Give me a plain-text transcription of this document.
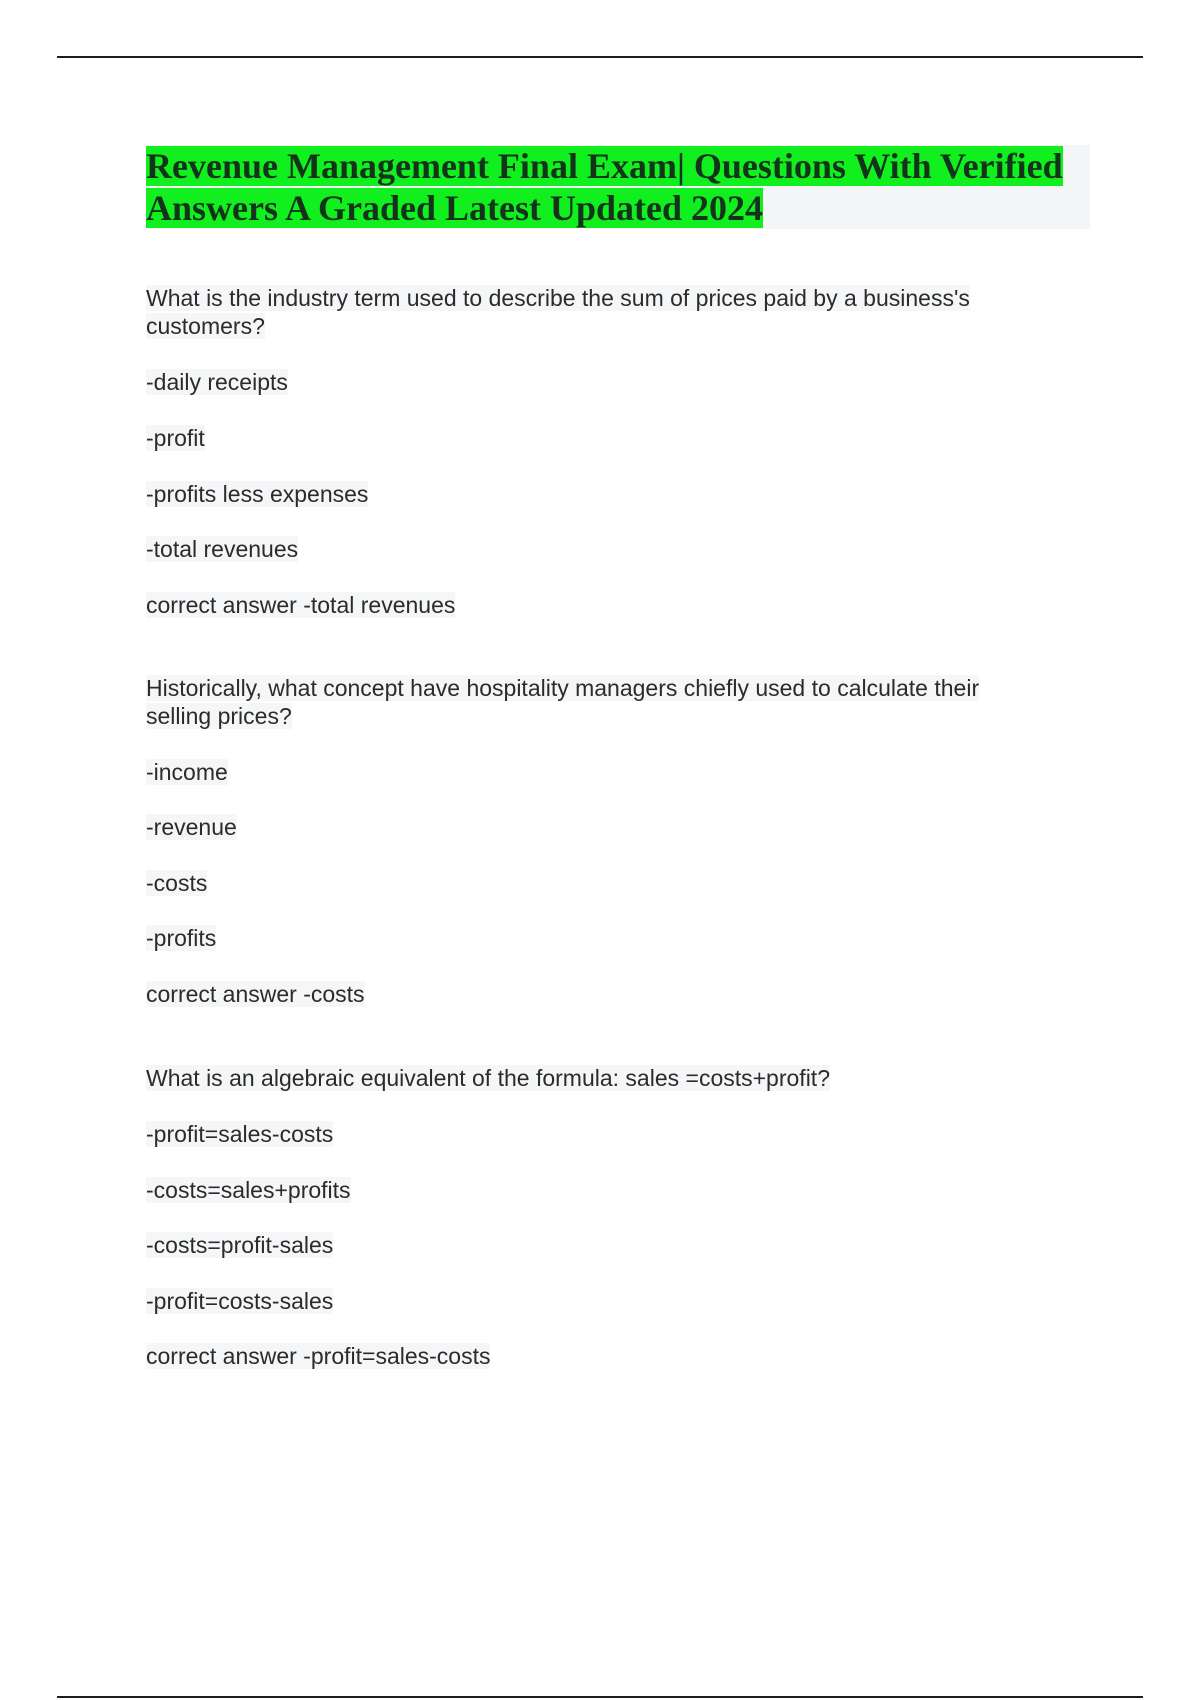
Revenue Management Final Exam| Questions With Verified
Answers A Graded Latest Updated 2024
What is the industry term used to describe the sum of prices paid by a business's
customers?
-daily receipts
-profit
-profits less expenses
-total revenues
correct answer -total revenues
Historically, what concept have hospitality managers chiefly used to calculate their
selling prices?
-income
-revenue
-costs
-profits
correct answer -costs
What is an algebraic equivalent of the formula: sales =costs+profit?
-profit=sales-costs
-costs=sales+profits
-costs=profit-sales
-profit=costs-sales
correct answer -profit=sales-costs
